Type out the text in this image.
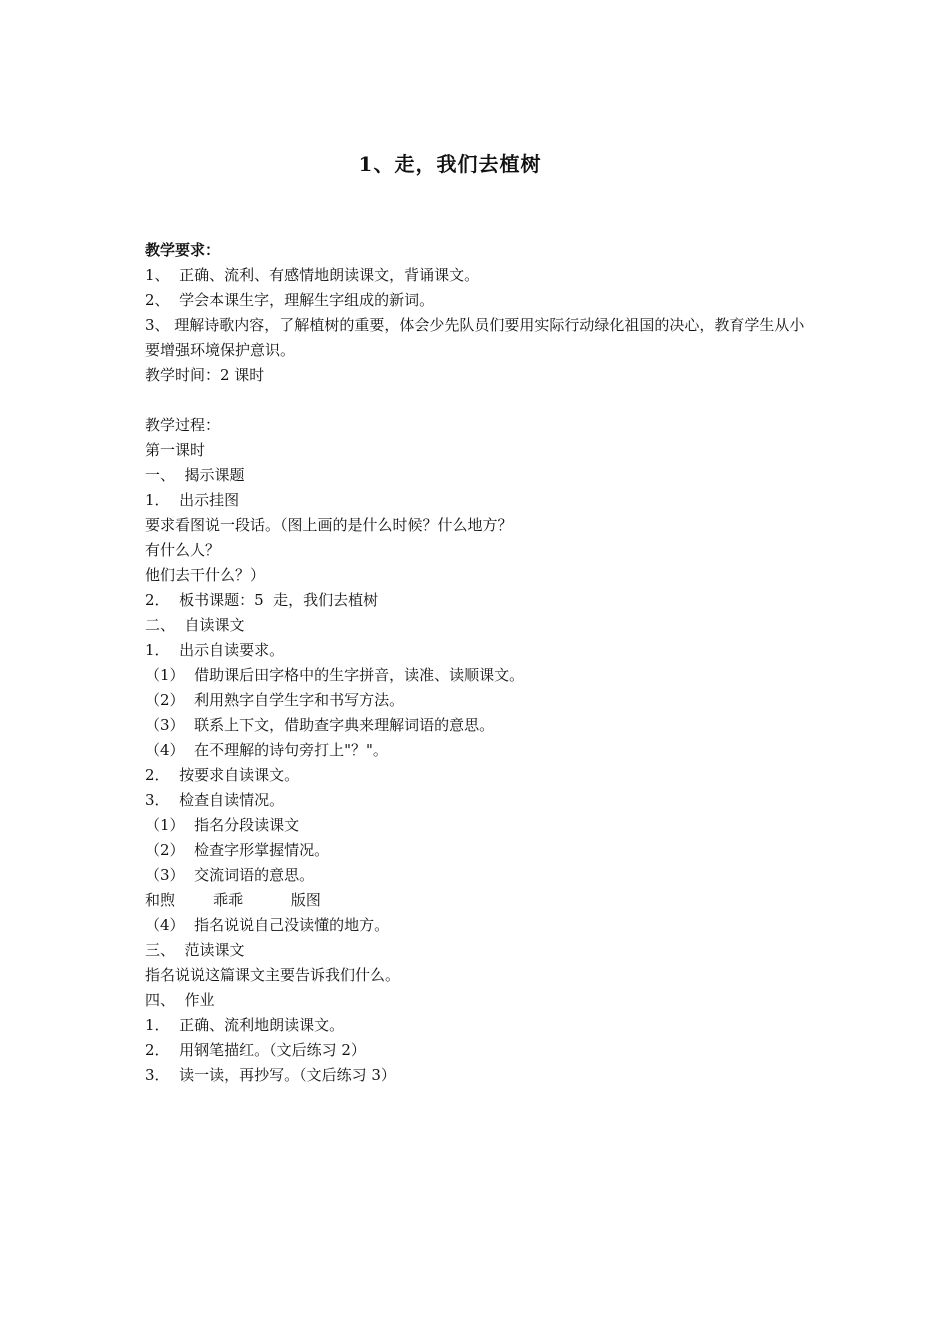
1、走，我们去植树
教学要求：
1、  正确、流利、有感情地朗读课文，背诵课文。
2、  学会本课生字，理解生字组成的新词。
3、 理解诗歌内容，了解植树的重要，体会少先队员们要用实际行动绿化祖国的决心，教育学生从小要增强环境保护意识。
教学时间：2 课时
教学过程：
第一课时
一、  揭示课题
1．  出示挂图
要求看图说一段话。（图上画的是什么时候？什么地方？
有什么人？
他们去干什么？）
2．  板书课题：5  走，我们去植树
二、  自读课文
1．  出示自读要求。
（1）  借助课后田字格中的生字拼音，读准、读顺课文。
（2）  利用熟字自学生字和书写方法。
（3）  联系上下文，借助查字典来理解词语的意思。
（4）  在不理解的诗句旁打上"？"。
2．  按要求自读课文。
3．  检查自读情况。
（1）  指名分段读课文
（2）  检查字形掌握情况。
（3）  交流词语的意思。
和煦        乖乖          版图
（4）  指名说说自己没读懂的地方。
三、  范读课文
指名说说这篇课文主要告诉我们什么。
四、  作业
1．  正确、流利地朗读课文。
2．  用钢笔描红。（文后练习 2）
3．  读一读，再抄写。（文后练习 3）
